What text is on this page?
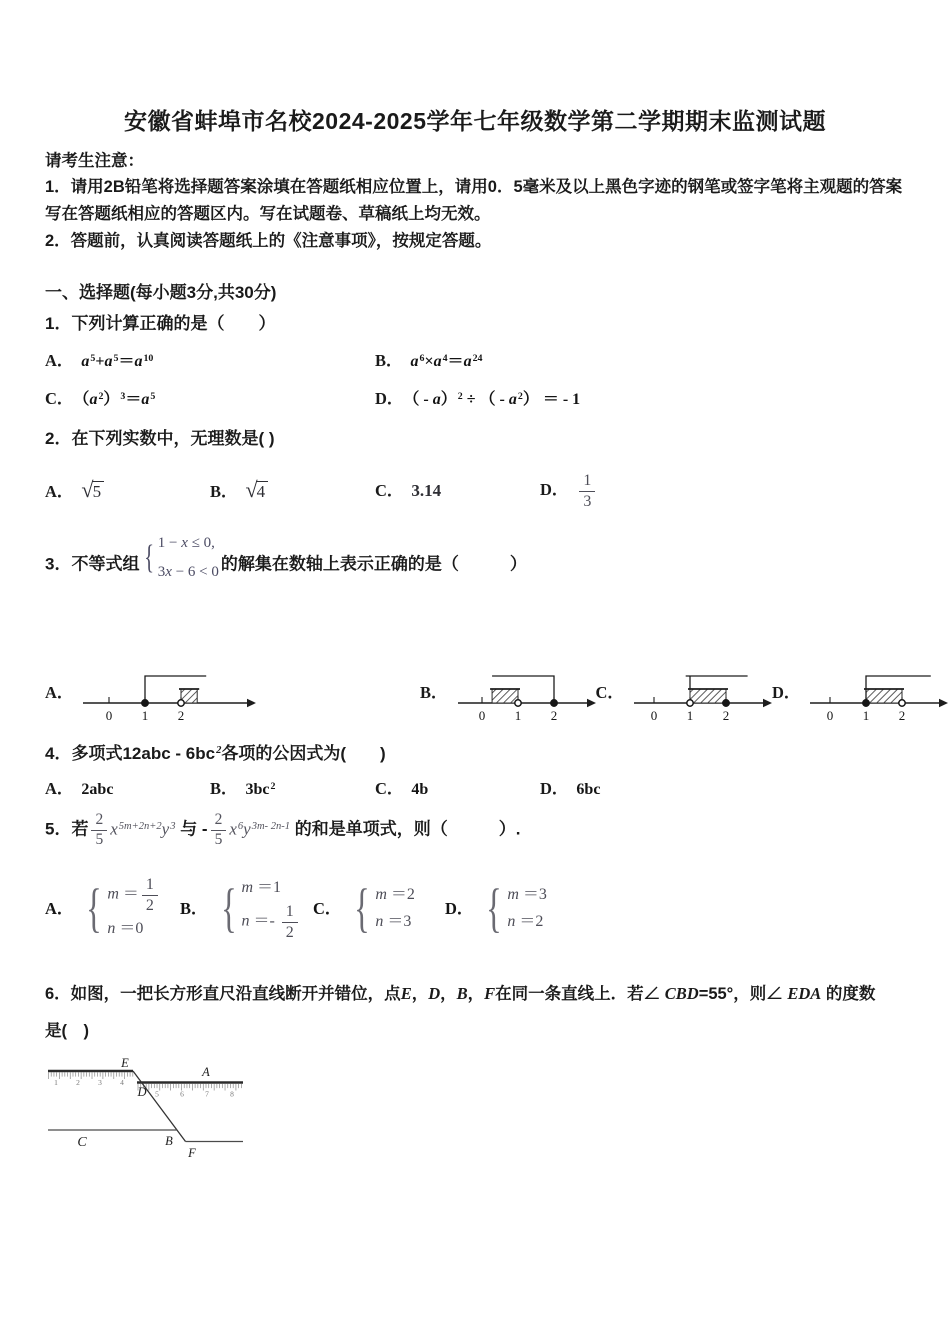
安徽省蚌埠市名校2024-2025学年七年级数学第二学期期末监测试题
请考生注意：
1．请用2B铅笔将选择题答案涂填在答题纸相应位置上，请用0．5毫米及以上黑色字迹的钢笔或签字笔将主观题的答案写在答题纸相应的答题区内。写在试题卷、草稿纸上均无效。
2．答题前，认真阅读答题纸上的《注意事项》，按规定答题。
一、选择题(每小题3分,共30分)
1．下列计算正确的是（　　）
A． $a^5+a^5=a^{10}$	B． $a^6\times a^4=a^{24}$
C． $(a^2)^3=a^5$	D． （ - a）$^2$ ÷ （ - $a^2$） ＝ - 1
2．在下列实数中，无理数是( )
A． √5	B． √4	C． 3.14	D． $\frac{1}{3}$
3．不等式组 { 1 − x ≤ 0,
3x − 6 < 0 的解集在数轴上表示正确的是（　　　）
A．
0 1 2
B．
0 1 2
C．
0 1 2
D．
0 1 2
4．多项式$12abc - 6bc^2$各项的公因式为(　　)
A． 2abc	B． $3bc^2$	C． 4b	D． 6bc
5．若 $\frac{2}{5} x^{5m+2n+2}y^3$ 与 - $\frac{2}{5} x^6y^{3m- 2n-1}$ 的和是单项式，则（　　　）.
A． { $m = \frac{1}{2}$
n ＝0
B． { m ＝1
$n =- \frac{1}{2}$ C． { m ＝2
n ＝3
D． { m ＝3
n ＝2
6．如图，一把长方形直尺沿直线断开并错位，点E，D，B，F在同一条直线上．若∠ CBD=55°，则∠ EDA 的度数
是(　)
1 2 3 4
5	6	7	8
E
A
D
C	B
F
